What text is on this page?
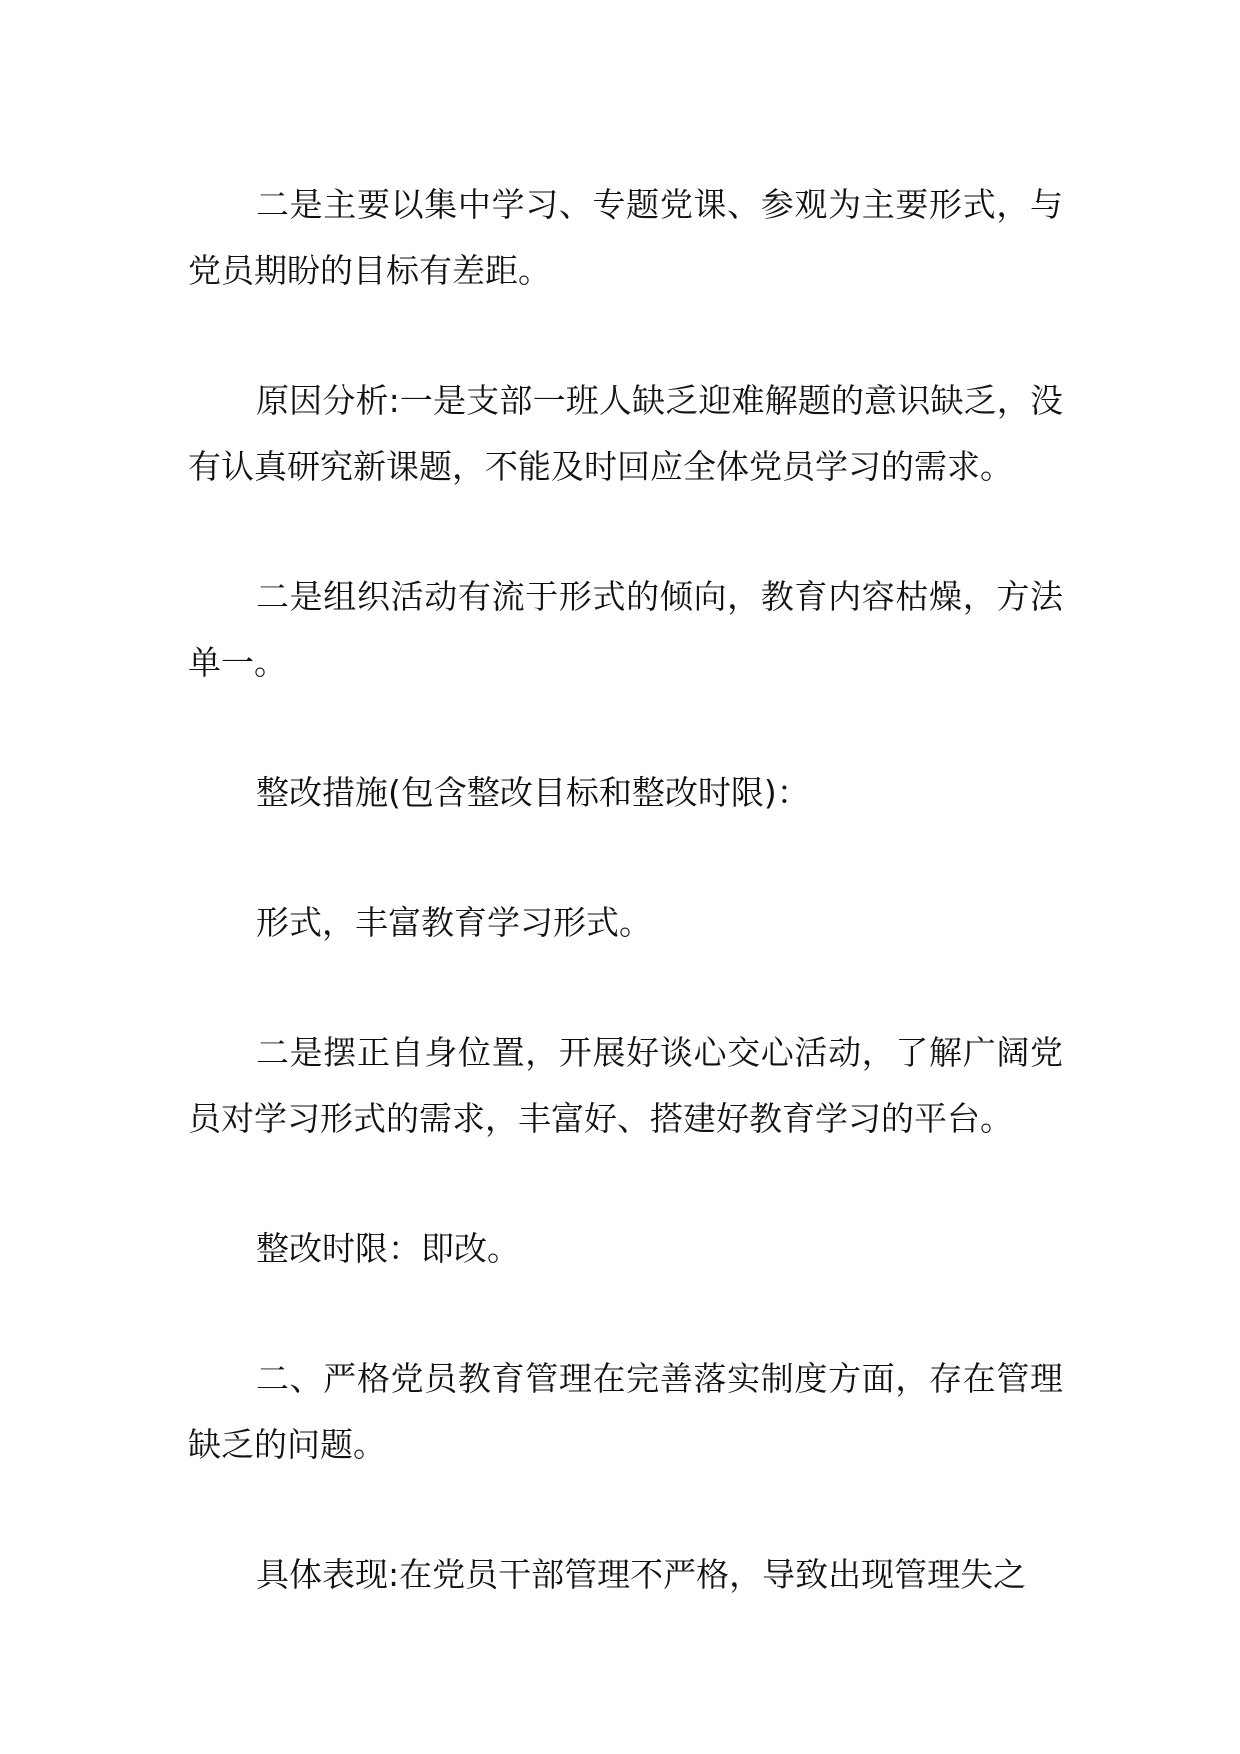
二是主要以集中学习、专题党课、参观为主要形式，与党员期盼的目标有差距。

原因分析:一是支部一班人缺乏迎难解题的意识缺乏，没有认真研究新课题，不能及时回应全体党员学习的需求。

二是组织活动有流于形式的倾向，教育内容枯燥，方法单一。

整改措施(包含整改目标和整改时限)：

形式，丰富教育学习形式。

二是摆正自身位置，开展好谈心交心活动，了解广阔党员对学习形式的需求，丰富好、搭建好教育学习的平台。

整改时限：即改。

二、严格党员教育管理在完善落实制度方面，存在管理缺乏的问题。

具体表现:在党员干部管理不严格，导致出现管理失之
